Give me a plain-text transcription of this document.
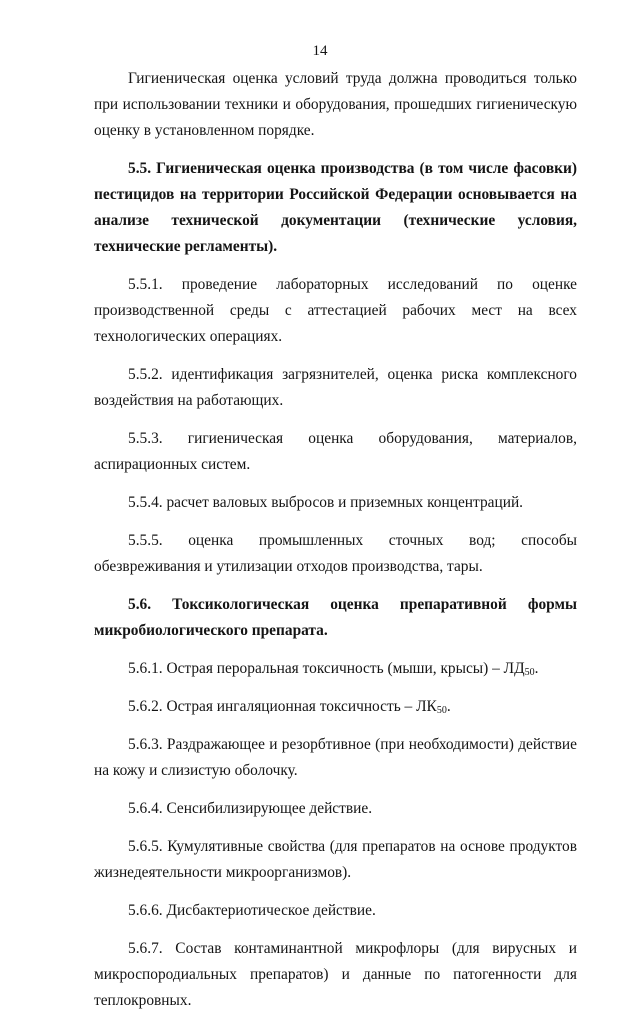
14

Гигиеническая оценка условий труда должна проводиться только при использовании техники и оборудования, прошедших гигиеническую оценку в установленном порядке.

5.5. Гигиеническая оценка производства (в том числе фасовки) пестицидов на территории Российской Федерации основывается на анализе технической документации (технические условия, технические регламенты).

5.5.1. проведение лабораторных исследований по оценке производственной среды с аттестацией рабочих мест на всех технологических операциях.

5.5.2. идентификация загрязнителей, оценка риска комплексного воздействия на работающих.

5.5.3. гигиеническая оценка оборудования, материалов, аспирационных систем.

5.5.4. расчет валовых выбросов и приземных концентраций.

5.5.5. оценка промышленных сточных вод; способы обезвреживания и утилизации отходов производства, тары.

5.6. Токсикологическая оценка препаративной формы микробиологического препарата.

5.6.1. Острая пероральная токсичность (мыши, крысы) – $ЛД_{50}$.

5.6.2. Острая ингаляционная токсичность – $ЛК_{50}$.

5.6.3. Раздражающее и резорбтивное (при необходимости) действие на кожу и слизистую оболочку.

5.6.4. Сенсибилизирующее действие.

5.6.5. Кумулятивные свойства (для препаратов на основе продуктов жизнедеятельности микроорганизмов).

5.6.6. Дисбактериотическое действие.

5.6.7. Состав контаминантной микрофлоры (для вирусных и микроспородиальных препаратов) и данные по патогенности для теплокровных.
